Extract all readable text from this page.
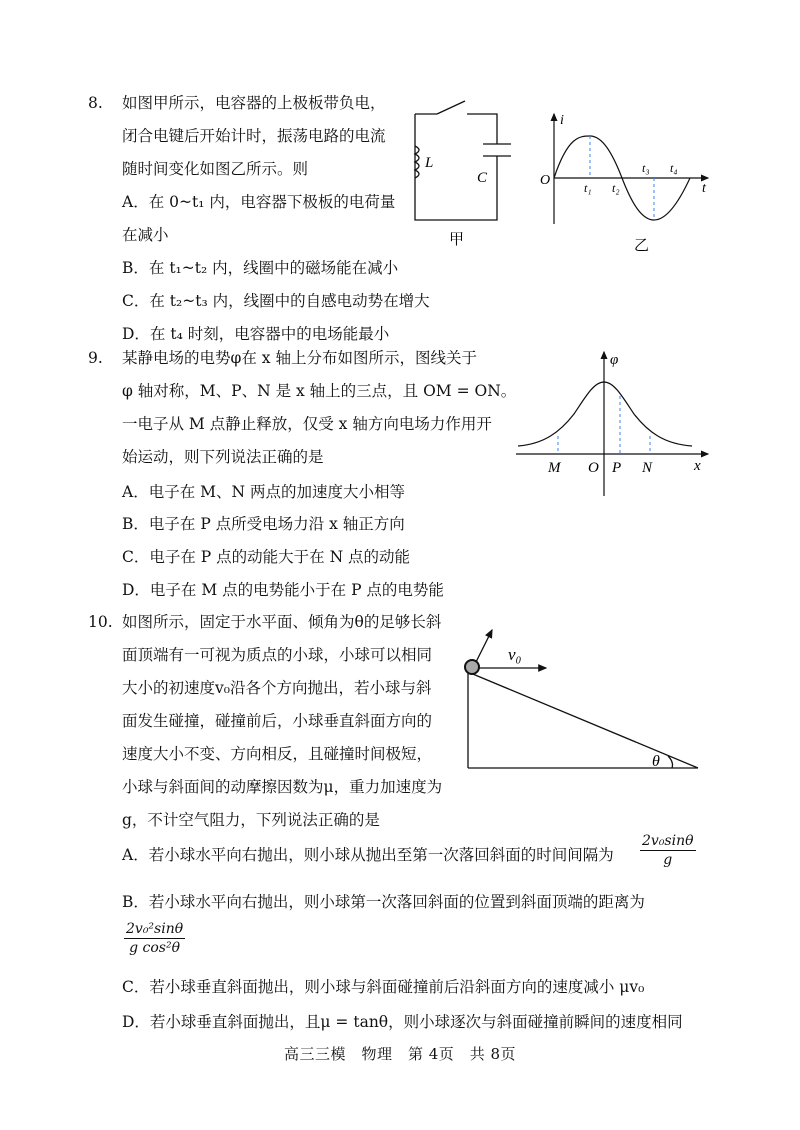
8. 如图甲所示，电容器的上极板带负电，
闭合电键后开始计时，振荡电路的电流
随时间变化如图乙所示。则
A．在 0~t₁ 内，电容器下极板的电荷量
在减小
B．在 t₁~t₂ 内，线圈中的磁场能在减小
C．在 t₂~t₃ 内，线圈中的自感电动势在增大
D．在 t₄ 时刻，电容器中的电场能最小
L
C
甲
i
t
O	t₁ t₂
t₃ t₄
乙
9. 某静电场的电势φ在 x 轴上分布如图所示，图线关于
φ 轴对称，M、P、N 是 x 轴上的三点，且 OM = ON。
一电子从 M 点静止释放，仅受 x 轴方向电场力作用开
始运动，则下列说法正确的是
A．电子在 M、N 两点的加速度大小相等
B．电子在 P 点所受电场力沿 x 轴正方向
C．电子在 P 点的动能大于在 N 点的动能
D．电子在 M 点的电势能小于在 P 点的电势能
φ
x
M O P N
10. 如图所示，固定于水平面、倾角为θ的足够长斜
面顶端有一可视为质点的小球，小球可以相同
大小的初速度v₀沿各个方向抛出，若小球与斜
面发生碰撞，碰撞前后，小球垂直斜面方向的
速度大小不变、方向相反，且碰撞时间极短，
小球与斜面间的动摩擦因数为μ，重力加速度为
g，不计空气阻力，下列说法正确的是
v₀
θ
A．若小球水平向右抛出，则小球从抛出至第一次落回斜面的时间间隔为 $\frac{\text{2v₀sinθ}}{g}$
B．若小球水平向右抛出，则小球第一次落回斜面的位置到斜面顶端的距离为
$\frac{\text{2v₀²sinθ}}{\text{g cos²θ}}$
C．若小球垂直斜面抛出，则小球与斜面碰撞前后沿斜面方向的速度减小 μv₀
D．若小球垂直斜面抛出，且μ = tanθ，则小球逐次与斜面碰撞前瞬间的速度相同
高三三模　物理　第 4页　共 8页
